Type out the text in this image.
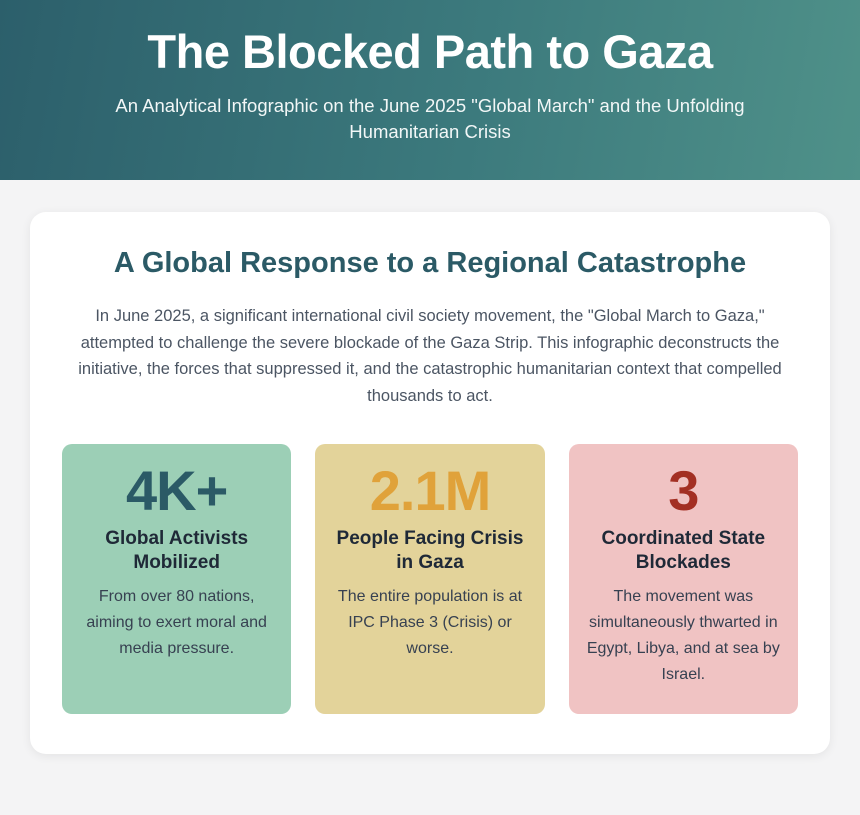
The Blocked Path to Gaza

An Analytical Infographic on the June 2025 "Global March" and the Unfolding Humanitarian Crisis

A Global Response to a Regional Catastrophe

In June 2025, a significant international civil society movement, the "Global March to Gaza," attempted to challenge the severe blockade of the Gaza Strip. This infographic deconstructs the initiative, the forces that suppressed it, and the catastrophic humanitarian context that compelled thousands to act.

4K+
Global Activists Mobilized

From over 80 nations, aiming to exert moral and media pressure.

2.1M
People Facing Crisis in Gaza

The entire population is at IPC Phase 3 (Crisis) or worse.

3
Coordinated State Blockades

The movement was simultaneously thwarted in Egypt, Libya, and at sea by Israel.
